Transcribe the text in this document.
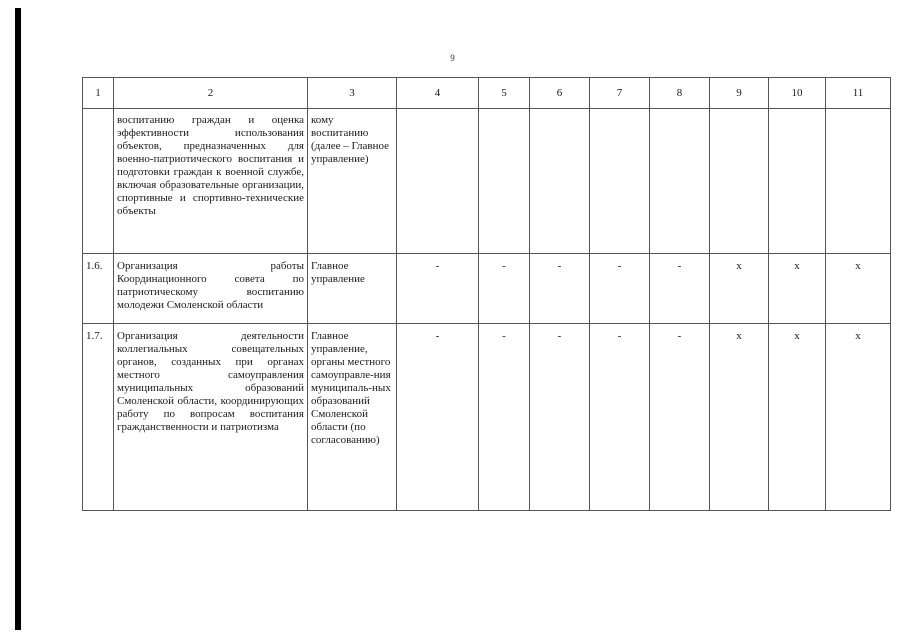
9
1	2	3	4	5	6	7	8	9	10	11
	воспитанию граждан и оценка эффективности использования объектов, предназначенных для военно-патриотического воспитания и подготовки граждан к военной службе, включая образовательные организации, спортивные и спортивно-технические объекты	кому воспитанию (далее – Главное управление)								
1.6.	Организация работы Координационного совета по патриотическому воспитанию молодежи Смоленской области	Главное управление	-	-	-	-	-	х	х	х
1.7.	Организация деятельности коллегиальных совещательных органов, созданных при органах местного самоуправления муниципальных образований Смоленской области, координирующих работу по вопросам воспитания гражданственности и патриотизма	Главное управление, органы местного самоуправле-ния муниципаль-ных образований Смоленской области (по согласованию)	-	-	-	-	-	х	х	х
